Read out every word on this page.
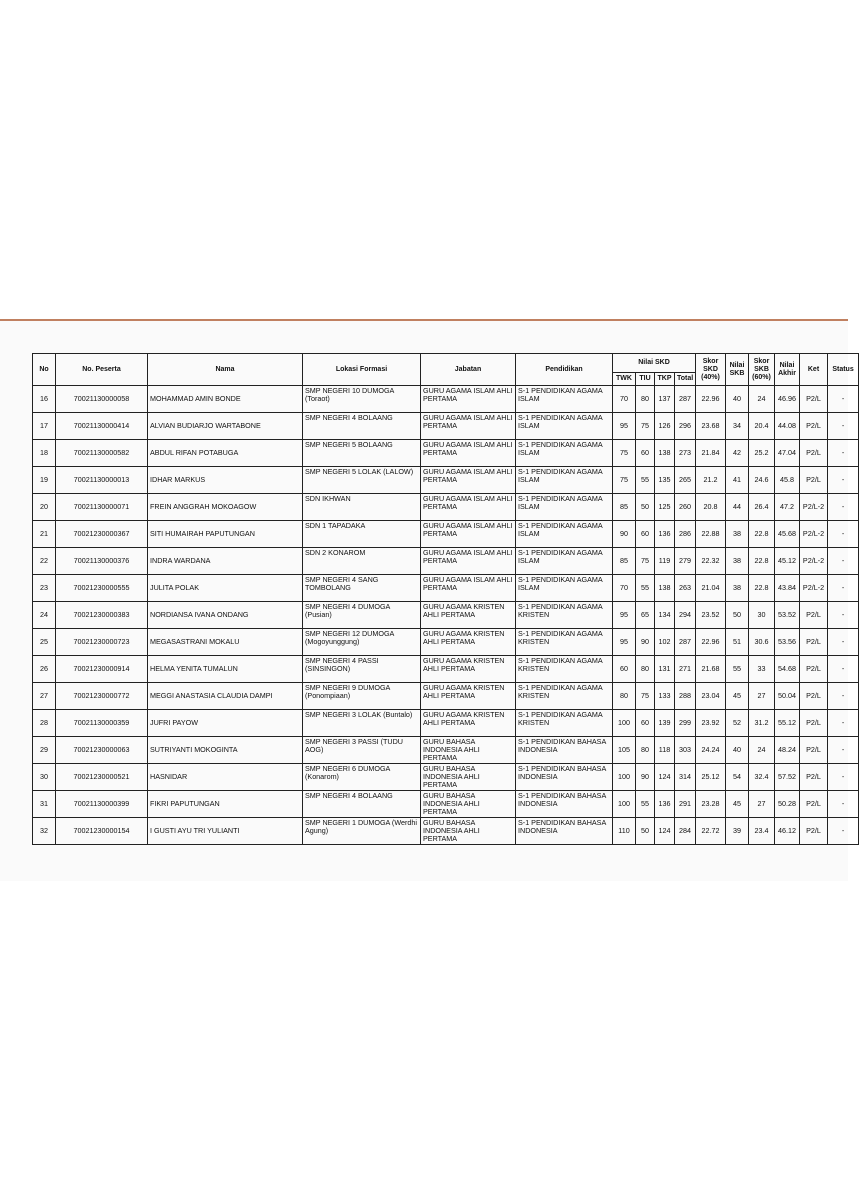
No	No. Peserta	Nama	Lokasi Formasi	Jabatan	Pendidikan	Nilai SKD				Skor SKD (40%)	Nilai SKB	Skor SKB (60%)	Nilai Akhir	Ket	Status
						TWK	TIU	TKP	Total						
16	70021130000058	MOHAMMAD AMIN BONDE	SMP NEGERI 10 DUMOGA (Toraot)	GURU AGAMA ISLAM AHLI PERTAMA	S-1 PENDIDIKAN AGAMA ISLAM	70	80	137	287	22.96	40	24	46.96	P2/L	-
17	70021130000414	ALVIAN BUDIARJO WARTABONE	SMP NEGERI 4 BOLAANG	GURU AGAMA ISLAM AHLI PERTAMA	S-1 PENDIDIKAN AGAMA ISLAM	95	75	126	296	23.68	34	20.4	44.08	P2/L	-
18	70021130000582	ABDUL RIFAN POTABUGA	SMP NEGERI 5 BOLAANG	GURU AGAMA ISLAM AHLI PERTAMA	S-1 PENDIDIKAN AGAMA ISLAM	75	60	138	273	21.84	42	25.2	47.04	P2/L	-
19	70021130000013	IDHAR MARKUS	SMP NEGERI 5 LOLAK (LALOW)	GURU AGAMA ISLAM AHLI PERTAMA	S-1 PENDIDIKAN AGAMA ISLAM	75	55	135	265	21.2	41	24.6	45.8	P2/L	-
20	70021130000071	FREIN ANGGRAH MOKOAGOW	SDN IKHWAN	GURU AGAMA ISLAM AHLI PERTAMA	S-1 PENDIDIKAN AGAMA ISLAM	85	50	125	260	20.8	44	26.4	47.2	P2/L-2	-
21	70021230000367	SITI HUMAIRAH PAPUTUNGAN	SDN 1 TAPADAKA	GURU AGAMA ISLAM AHLI PERTAMA	S-1 PENDIDIKAN AGAMA ISLAM	90	60	136	286	22.88	38	22.8	45.68	P2/L-2	-
22	70021130000376	INDRA WARDANA	SDN 2 KONAROM	GURU AGAMA ISLAM AHLI PERTAMA	S-1 PENDIDIKAN AGAMA ISLAM	85	75	119	279	22.32	38	22.8	45.12	P2/L-2	-
23	70021230000555	JULITA POLAK	SMP NEGERI 4 SANG TOMBOLANG	GURU AGAMA ISLAM AHLI PERTAMA	S-1 PENDIDIKAN AGAMA ISLAM	70	55	138	263	21.04	38	22.8	43.84	P2/L-2	-
24	70021230000383	NORDIANSA IVANA ONDANG	SMP NEGERI 4 DUMOGA (Pusian)	GURU AGAMA KRISTEN AHLI PERTAMA	S-1 PENDIDIKAN AGAMA KRISTEN	95	65	134	294	23.52	50	30	53.52	P2/L	-
25	70021230000723	MEGASASTRANI MOKALU	SMP NEGERI 12 DUMOGA (Mogoyunggung)	GURU AGAMA KRISTEN AHLI PERTAMA	S-1 PENDIDIKAN AGAMA KRISTEN	95	90	102	287	22.96	51	30.6	53.56	P2/L	-
26	70021230000914	HELMA YENITA TUMALUN	SMP NEGERI 4 PASSI (SINSINGON)	GURU AGAMA KRISTEN AHLI PERTAMA	S-1 PENDIDIKAN AGAMA KRISTEN	60	80	131	271	21.68	55	33	54.68	P2/L	-
27	70021230000772	MEGGI ANASTASIA CLAUDIA DAMPI	SMP NEGERI 9 DUMOGA (Ponompiaan)	GURU AGAMA KRISTEN AHLI PERTAMA	S-1 PENDIDIKAN AGAMA KRISTEN	80	75	133	288	23.04	45	27	50.04	P2/L	-
28	70021130000359	JUFRI PAYOW	SMP NEGERI 3 LOLAK (Buntalo)	GURU AGAMA KRISTEN AHLI PERTAMA	S-1 PENDIDIKAN AGAMA KRISTEN	100	60	139	299	23.92	52	31.2	55.12	P2/L	-
29	70021230000063	SUTRIYANTI MOKOGINTA	SMP NEGERI 3 PASSI (TUDU AOG)	GURU BAHASA INDONESIA AHLI PERTAMA	S-1 PENDIDIKAN BAHASA INDONESIA	105	80	118	303	24.24	40	24	48.24	P2/L	-
30	70021230000521	HASNIDAR	SMP NEGERI 6 DUMOGA (Konarom)	GURU BAHASA INDONESIA AHLI PERTAMA	S-1 PENDIDIKAN BAHASA INDONESIA	100	90	124	314	25.12	54	32.4	57.52	P2/L	-
31	70021130000399	FIKRI PAPUTUNGAN	SMP NEGERI 4 BOLAANG	GURU BAHASA INDONESIA AHLI PERTAMA	S-1 PENDIDIKAN BAHASA INDONESIA	100	55	136	291	23.28	45	27	50.28	P2/L	-
32	70021230000154	I GUSTI AYU TRI YULIANTI	SMP NEGERI 1 DUMOGA (Werdhi Agung)	GURU BAHASA INDONESIA AHLI PERTAMA	S-1 PENDIDIKAN BAHASA INDONESIA	110	50	124	284	22.72	39	23.4	46.12	P2/L	-
